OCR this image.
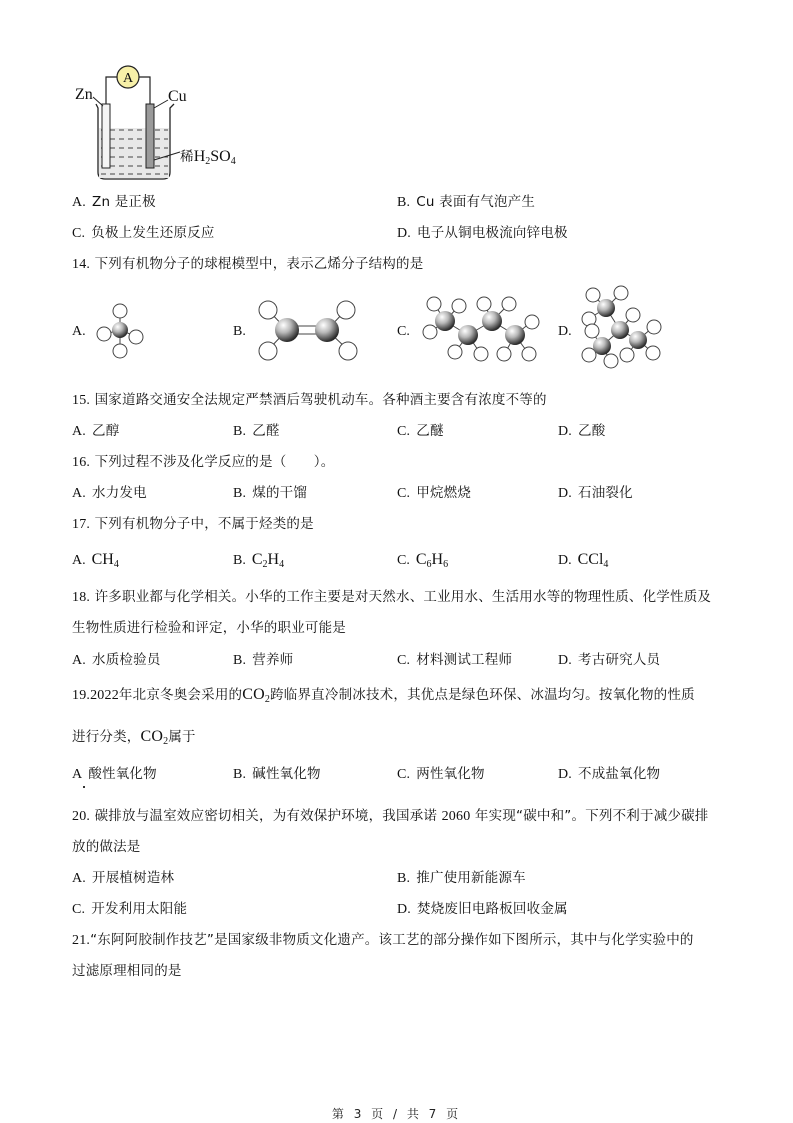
A
Zn	Cu
稀$H_2SO_4$
A. Zn 是正极	B. Cu 表面有气泡产生
C. 负极上发生还原反应	D. 电子从铜电极流向锌电极
14. 下列有机物分子的球棍模型中，表示乙烯分子结构的是
A.	B.	C.	D.
15. 国家道路交通安全法规定严禁酒后驾驶机动车。各种酒主要含有浓度不等的
A. 乙醇	B. 乙醛	C. 乙醚	D. 乙酸
16. 下列过程不涉及化学反应的是（　　）。
A. 水力发电	B. 煤的干馏	C. 甲烷燃烧	D. 石油裂化
17. 下列有机物分子中，不属于烃类的是
A. $CH_4$	B. $C_2H_4$	C. $C_6H_6$	D. CCl$_4$
18. 许多职业都与化学相关。小华的工作主要是对天然水、工业用水、生活用水等的物理性质、化学性质及
生物性质进行检验和评定，小华的职业可能是
A. 水质检验员	B. 营养师	C. 材料测试工程师	D. 考古研究人员
19.2022年北京冬奥会采用的$CO_2$跨临界直冷制冰技术，其优点是绿色环保、冰温均匀。按氧化物的性质
进行分类，$CO_2$属于
A 酸性氧化物	B. 碱性氧化物	C. 两性氧化物	D. 不成盐氧化物
20. 碳排放与温室效应密切相关，为有效保护环境，我国承诺 2060 年实现“碳中和”。下列不利于减少碳排
放的做法是
A. 开展植树造林	B. 推广使用新能源车
C. 开发利用太阳能	D. 焚烧废旧电路板回收金属
21.“东阿阿胶制作技艺”是国家级非物质文化遗产。该工艺的部分操作如下图所示，其中与化学实验中的
过滤原理相同的是
第 3 页 / 共 7 页
